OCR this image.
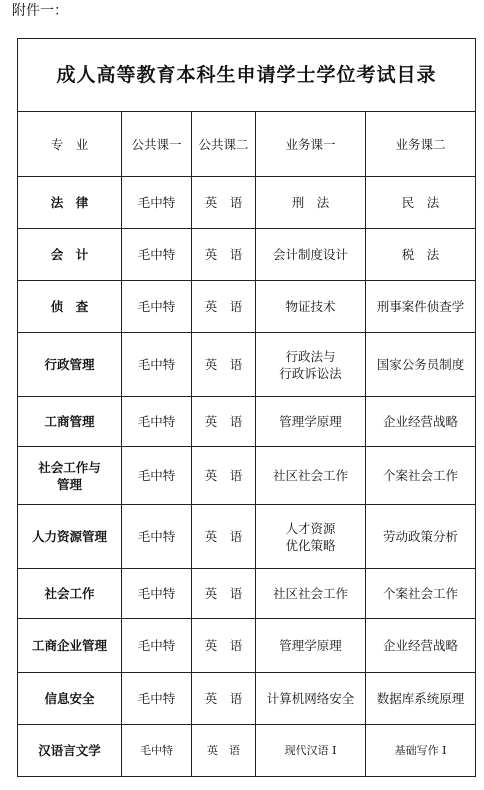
附件一：
成人高等教育本科生申请学士学位考试目录				
专　业	公共课一	公共课二	业务课一	业务课二

法　律	毛中特	英　语	刑　法	民　法

会　计	毛中特	英　语	会计制度设计	税　法

侦　查	毛中特	英　语	物证技术	刑事案件侦查学

行政管理	毛中特	英　语	行政法与
行政诉讼法	国家公务员制度

工商管理	毛中特	英　语	管理学原理	企业经营战略

社会工作与
管理	毛中特	英　语	社区社会工作	个案社会工作

人力资源管理	毛中特	英　语	人才资源
优化策略	劳动政策分析

社会工作	毛中特	英　语	社区社会工作	个案社会工作

工商企业管理	毛中特	英　语	管理学原理	企业经营战略

信息安全	毛中特	英　语	计算机网络安全	数据库系统原理

汉语言文学	毛中特	英　语	现代汉语 I	基础写作 I
